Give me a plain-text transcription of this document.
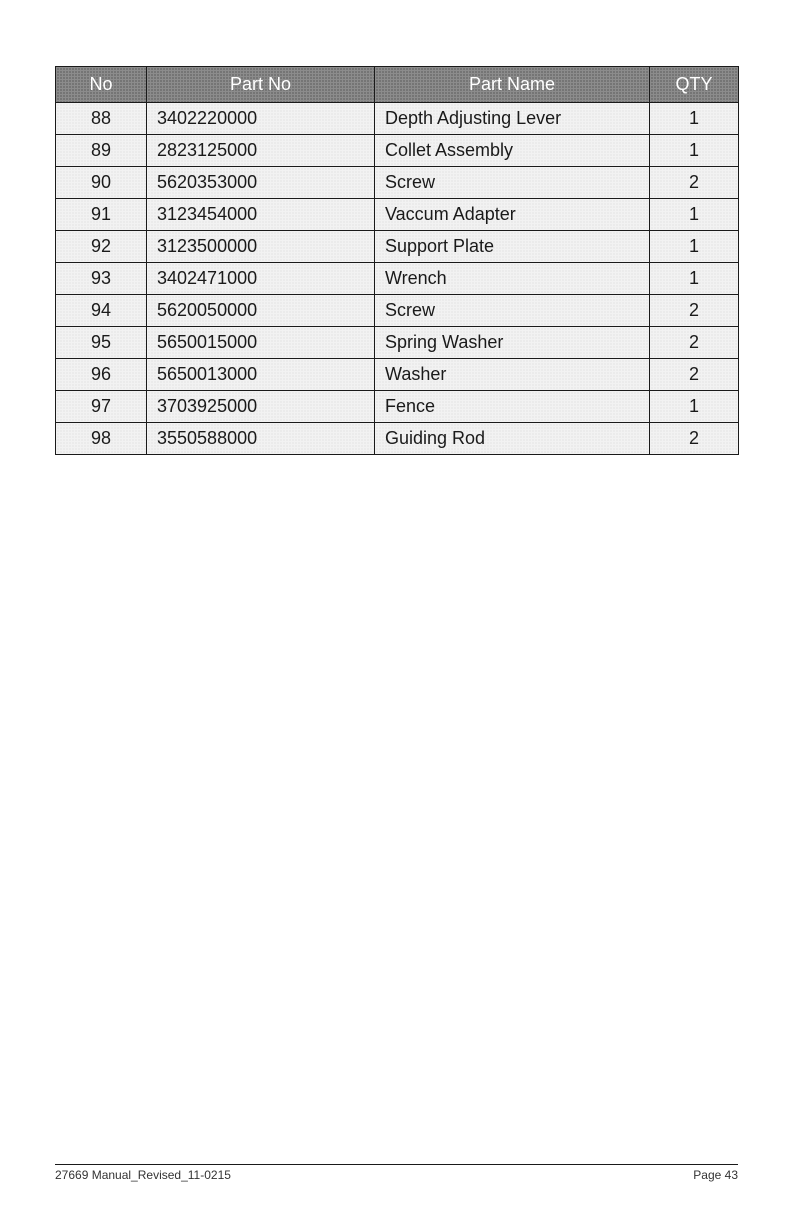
No	Part No	Part Name	QTY
88	3402220000	Depth Adjusting Lever	1
89	2823125000	Collet Assembly	1
90	5620353000	Screw	2
91	3123454000	Vaccum Adapter	1
92	3123500000	Support Plate	1
93	3402471000	Wrench	1
94	5620050000	Screw	2
95	5650015000	Spring Washer	2
96	5650013000	Washer	2
97	3703925000	Fence	1
98	3550588000	Guiding Rod	2
27669 Manual_Revised_11-0215	Page 43
